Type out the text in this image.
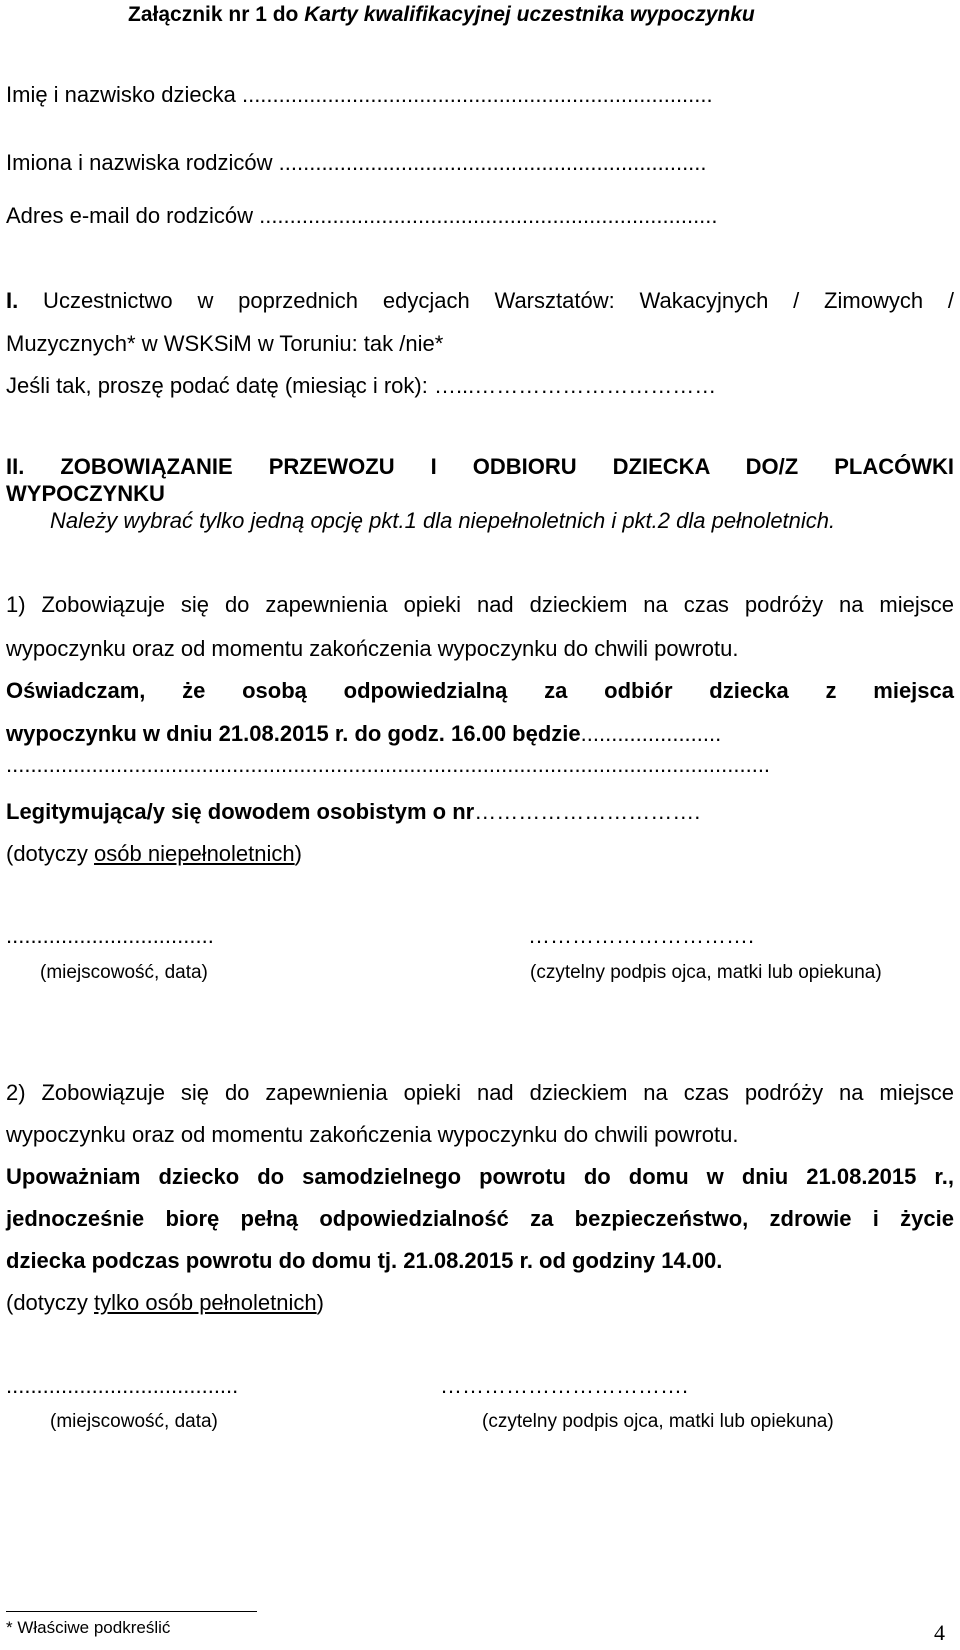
Załącznik nr 1 do Karty kwalifikacyjnej uczestnika wypoczynku
Imię i nazwisko dziecka .............................................................................
Imiona i nazwiska rodziców ......................................................................
Adres e-mail do rodziców ...........................................................................
I. Uczestnictwo w poprzednich edycjach Warsztatów: Wakacyjnych / Zimowych /
Muzycznych* w WSKSiM w Toruniu: tak /nie*
Jeśli tak, proszę podać datę (miesiąc i rok): …...……………………………
II. ZOBOWIĄZANIE PRZEWOZU I ODBIORU DZIECKA DO/Z PLACÓWKI
WYPOCZYNKU
Należy wybrać tylko jedną opcję pkt.1 dla niepełnoletnich i pkt.2 dla pełnoletnich.
1) Zobowiązuje się do zapewnienia opieki nad dzieckiem na czas podróży na miejsce
wypoczynku oraz od momentu zakończenia wypoczynku do chwili powrotu.
Oświadczam, że osobą odpowiedzialną za odbiór dziecka z miejsca
wypoczynku w dniu 21.08.2015 r. do godz. 16.00 będzie.......................
.............................................................................................................................
Legitymująca/y się dowodem osobistym o nr………………………….
(dotyczy osób niepełnoletnich)
..................................	………………………….
(miejscowość, data)	(czytelny podpis ojca, matki lub opiekuna)
2) Zobowiązuje się do zapewnienia opieki nad dzieckiem na czas podróży na miejsce
wypoczynku oraz od momentu zakończenia wypoczynku do chwili powrotu.
Upoważniam dziecko do samodzielnego powrotu do domu w dniu 21.08.2015 r.,
jednocześnie biorę pełną odpowiedzialność za bezpieczeństwo, zdrowie i życie
dziecka podczas powrotu do domu tj. 21.08.2015 r. od godziny 14.00.
(dotyczy tylko osób pełnoletnich)
......................................	…………………………….
(miejscowość, data)	(czytelny podpis ojca, matki lub opiekuna)
* Właściwe podkreślić	4
